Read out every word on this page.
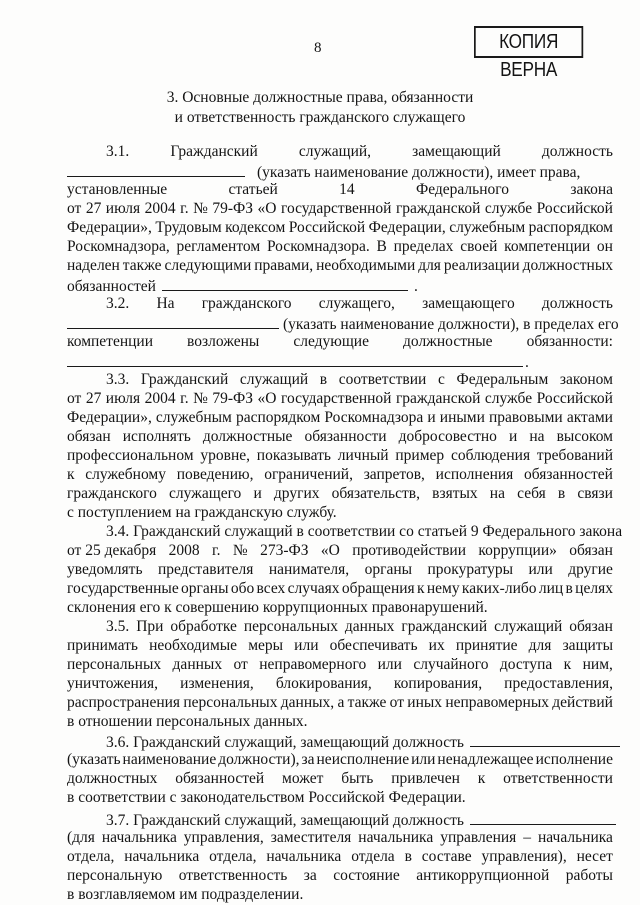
8	КОПИЯ ВЕРНА
3. Основные должностные права, обязанности
и ответственность гражданского служащего
3.1.	Гражданский	служащий,	замещающий	должность
(указать наименование должности), имеет права,
установленные	статьей	14	Федерального	закона
от 27 июля 2004 г. № 79-ФЗ «О государственной гражданской службе Российской
Федерации», Трудовым кодексом Российской Федерации, служебным распорядком
Роскомнадзора, регламентом Роскомнадзора. В пределах своей компетенции он
наделен также следующими правами, необходимыми для реализации должностных
обязанностей	.
3.2. На гражданского служащего, замещающего должность
(указать наименование должности), в пределах его
компетенции возложены следующие должностные обязанности:
.
3.3. Гражданский служащий в соответствии с Федеральным законом
от 27 июля 2004 г. № 79-ФЗ «О государственной гражданской службе Российской
Федерации», служебным распорядком Роскомнадзора и иными правовыми актами
обязан исполнять должностные обязанности добросовестно и на высоком
профессиональном уровне, показывать личный пример соблюдения требований
к служебному поведению, ограничений, запретов, исполнения обязанностей
гражданского служащего и других обязательств, взятых на себя в связи
с поступлением на гражданскую службу.
3.4. Гражданский служащий в соответствии со статьей 9 Федерального закона
от 25 декабря 2008 г. № 273-ФЗ «О противодействии коррупции» обязан
уведомлять представителя нанимателя, органы прокуратуры или другие
государственные органы обо всех случаях обращения к нему каких-либо лиц в целях
склонения его к совершению коррупционных правонарушений.
3.5. При обработке персональных данных гражданский служащий обязан
принимать необходимые меры или обеспечивать их принятие для защиты
персональных данных от неправомерного или случайного доступа к ним,
уничтожения, изменения, блокирования, копирования, предоставления,
распространения персональных данных, а также от иных неправомерных действий
в отношении персональных данных.
3.6. Гражданский служащий, замещающий должность
(указать наименование должности), за неисполнение или ненадлежащее исполнение
должностных обязанностей может быть привлечен к ответственности
в соответствии с законодательством Российской Федерации.
3.7. Гражданский служащий, замещающий должность
(для начальника управления, заместителя начальника управления – начальника
отдела, начальника отдела, начальника отдела в составе управления), несет
персональную ответственность за состояние антикоррупционной работы
в возглавляемом им подразделении.
